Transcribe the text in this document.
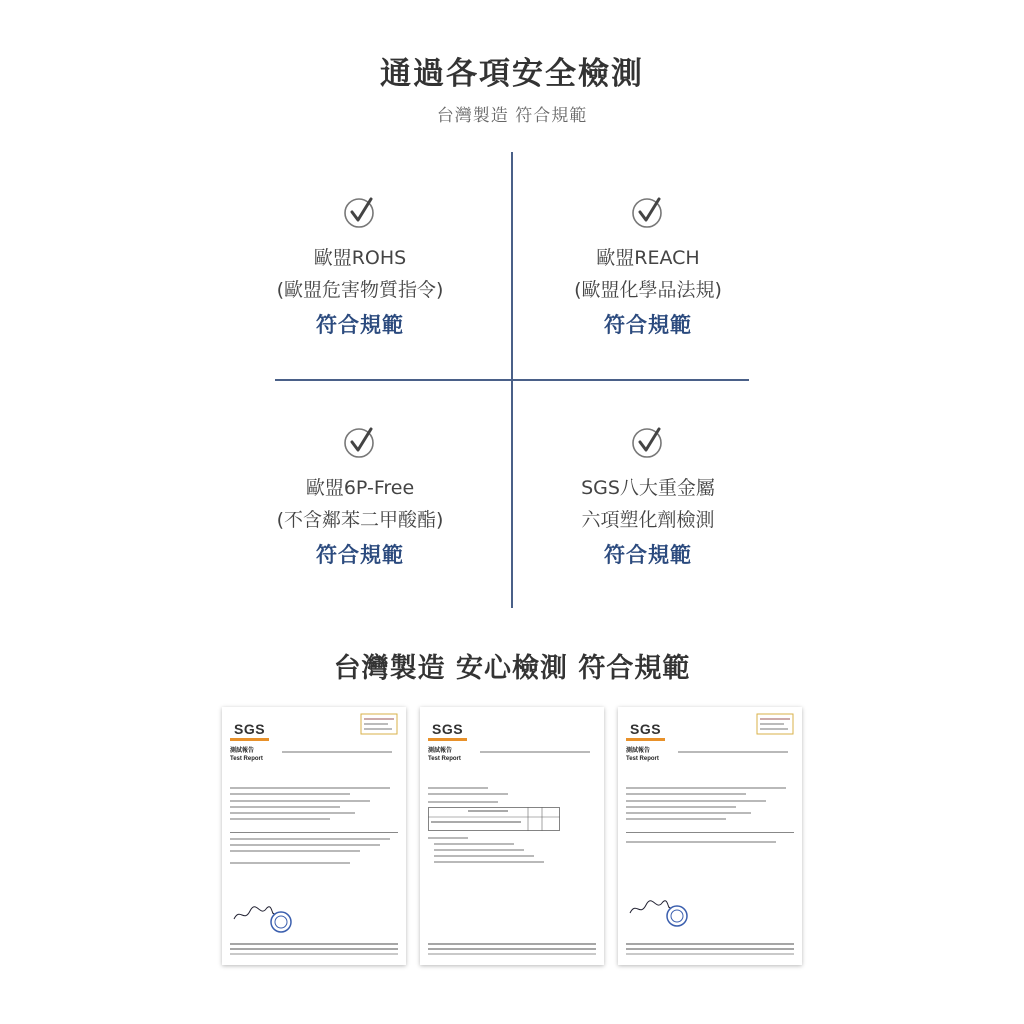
通過各項安全檢測
台灣製造 符合規範
歐盟ROHS
(歐盟危害物質指令)
符合規範
歐盟REACH
(歐盟化學品法規)
符合規範
歐盟6P-Free
(不含鄰苯二甲酸酯)
符合規範
SGS八大重金屬
六項塑化劑檢測
符合規範
台灣製造 安心檢測 符合規範
SGS
測試報告
Test Report
SGS
測試報告
Test Report
SGS
測試報告
Test Report
